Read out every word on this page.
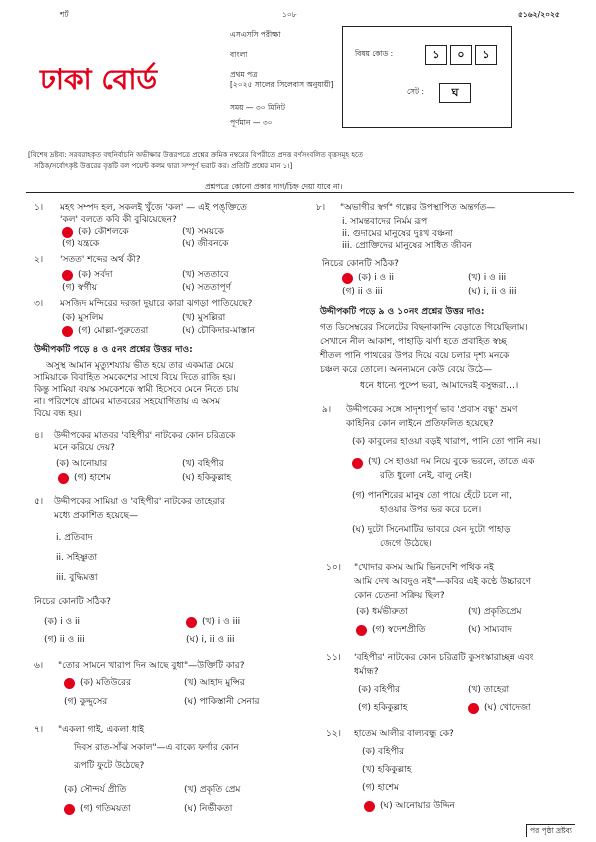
শর্ট	১০৮	৫১৬২/২০২৫
ঢাকা বোর্ড
এসএসসি পরীক্ষা
বাংলা
প্রথম পত্র
[২০২৫ সালের সিলেবাস অনুযায়ী]
সময় — ৩০ মিনিট
পূর্ণমান — ৩০
বিষয় কোড :	১ ০ ১
সেট :	ঘ
[বিশেষ দ্রষ্টব্য: সরবরাহকৃত বহুনির্বাচনি অভীক্ষার উত্তরপত্রে প্রশ্নের ক্রমিক নম্বরের বিপরীতে প্রদত্ত বর্ণসংবলিত বৃত্তসমূহ হতে
সঠিক/সর্বোৎকৃষ্ট উত্তরের বৃত্তটি বল পয়েন্ট কলম দ্বারা সম্পূর্ণ ভরাট কর। প্রতিটি প্রশ্নের মান ১।]
প্রশ্নপত্রে কোনো প্রকার দাগ/চিহ্ন দেয়া যাবে না।
১। মহৎ সম্পদ হল, সকলই খুঁজে 'কল' — এই পঙ্‌ক্তিতে
'কল' বলতে কবি কী বুঝিয়েছেন?
(ক) কৌশলকে	(খ) সময়কে
(গ) যন্ত্রকে	(ঘ) জীবনকে
২। 'সতত' শব্দের অর্থ কী?
(ক) সর্বদা	(খ) সততাবে
(গ) স্বর্গীয়	(ঘ) সততাপূর্ণ
৩। মসজিদ মন্দিরের দরজা দুয়ারে কারা ঝগড়া পাতিয়েছে?
(ক) মুসলিম	(খ) মুসল্লিরা
(গ) মোল্লা-পুরুতেরা	(ঘ) চৌকিদার-মাস্তান
উদ্দীপকটি পড়ে ৪ ও ৫নং প্রশ্নের উত্তর দাও:
অসুস্থ আমান মৃত্যুশয্যায় ভীত হয়ে তার একমাত্র মেয়ে
সামিয়াকে বিবাহিত সমকেশের সাথে বিয়ে দিতে রাজি হয়।
কিন্তু সামিয়া বয়স্ক সমকেশকে স্বামী হিসেবে মেনে নিতে চায়
না। পরিশেষে গ্রামের মাতবরের সহযোগিতায় এ অসম
বিয়ে বন্ধ হয়।
৪। উদ্দীপকের মাতবর 'বহিপীর' নাটকের কোন চরিত্রকে
মনে করিয়ে দেয়?
(ক) আনোয়ার	(খ) বহিপীর
(গ) হাশেম	(ঘ) হকিকুল্লাহ
৫। উদ্দীপকের সামিয়া ও 'বহিপীর' নাটকের তাহেরার
মধ্যে প্রকাশিত হয়েছে—
i. প্রতিবাদ
ii. সহিষ্ণুতা
iii. বুদ্ধিমত্তা
নিচের কোনটি সঠিক?
(ক) i ও ii	(খ) i ও iii
(গ) ii ও iii	(ঘ) i, ii ও iii
৬। "তোর সামনে খারাপ দিন আছে বুধা"—উক্তিটি কার?
(ক) মতিউরের	(খ) আহাদ মুন্সির
(গ) কুদ্দুসের	(ঘ) পাকিস্তানী সেনার
৭। "একলা গাই, একলা ধাই
দিবস রাত-সাঁঝ সকাল"—এ বাক্যে ফর্ণার কোন
রূপটি ফুটে উঠেছে?
(ক) সৌন্দর্য প্রীতি	(খ) প্রকৃতি প্রেম
(গ) গতিময়তা	(ঘ) নির্ভীকতা
৮। "অভাগীর স্বর্গ" গল্পের উপস্থাপিত অন্তর্গত—
i. সামন্তবাদের নির্মম রূপ
ii. গুদামের মানুষের দুঃখ বঞ্চনা
iii. প্রোক্তিদের মানুষের সাধিত জীবন
নিচের কোনটি সঠিক?
(ক) i ও ii	(খ) i ও iii
(গ) ii ও iii	(ঘ) i, ii ও iii
উদ্দীপকটি পড়ে ৯ ও ১০নং প্রশ্নের উত্তর দাও:
গত ডিসেম্বরের সিলেটের বিছনাকান্দি বেড়াতে গিয়েছিলাম।
সেখানে নীল আকাশ, পাহাড়ি ঝর্ণা হতে প্রবাহিত স্বচ্ছ
শীতল পানি পাথরের উপর দিয়ে বয়ে চলার দৃশ্য মনকে
চঞ্চল করে তোলে। অনন্যমনে কেউ বেয়ে উঠে—
ধনে ধান্যে পুষ্পে ভরা, আমাদেরই বসুন্ধরা…।
৯। উদ্দীপকের সঙ্গে সাদৃশ্যপূর্ণ ভাব 'প্রবাস বন্ধু' ভ্রমণ
কাহিনির কোন লাইনে প্রতিফলিত হয়েছে?
(ক) কাবুলের হাওয়া বড়ই খারাপ, পানি তো পানি নয়।
(খ) সে হাওয়া দম নিয়ে বুকে ভরলে, তাতে এক
রতি ধুলো নেই, বালু নেই।
(গ) পানশিরের মানুষ তো পায়ে হেঁটে চলে না,
হাওয়ার উপর ভর করে চলে।
(ঘ) দুটো সিনেমাটির ভাবরে যেন দুটো পাহাড়
জেগে উঠেছে।
১০। "খোদার কসম আমি ভিনদেশি পথিক নই
আমি দেখ আবদুও নই"—কবির এই কণ্ঠে উচ্চারণে
কোন চেতনা সক্রিয় ছিল?
(ক) ধর্মভীরুতা	(খ) প্রকৃতিপ্রেম
(গ) স্বদেশপ্রীতি	(ঘ) সাম্যবাদ
১১। 'বহিপীর' নাটকের কোন চরিত্রটি কুসংস্কারাচ্ছন্ন এবং
ধর্মান্ধ?
(ক) বহিপীর	(খ) তাহেরা
(গ) হকিকুল্লাহ	(ঘ) খোদেজা
১২। হাতেম আলীর বাল্যবন্ধু কে?
(ক) বহিপীর
(খ) হকিকুল্লাহ
(গ) হাশেম
(ঘ) আনোয়ার উদ্দিন
পর পৃষ্ঠা দ্রষ্টব্য
